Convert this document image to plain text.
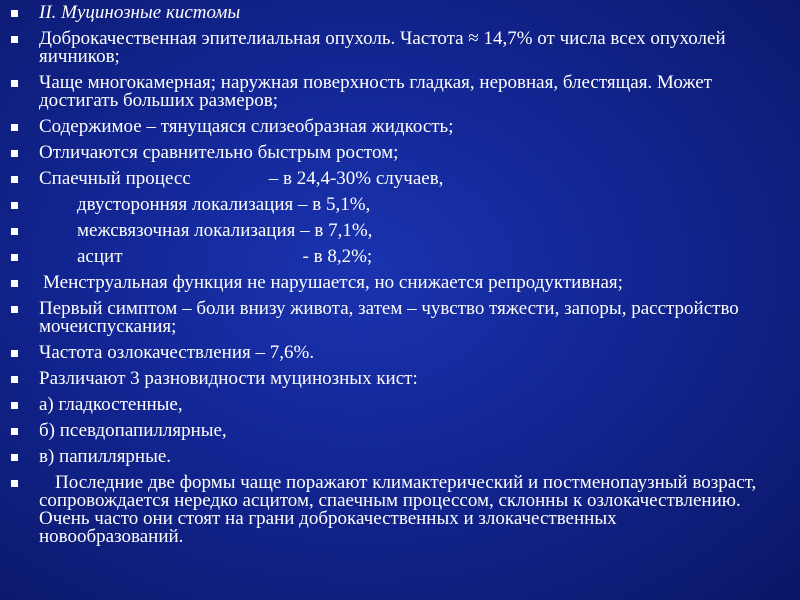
II. Муцинозные кистомы
Доброкачественная эпителиальная опухоль. Частота ≈ 14,7% от числа всех опухолей яичников;
Чаще многокамерная; наружная поверхность гладкая, неровная, блестящая. Может достигать больших размеров;
Содержимое – тянущаяся слизеобразная жидкость;
Отличаются сравнительно быстрым ростом;
Спаечный процесс	– в 24,4-30% случаев,
двусторонняя локализация – в 5,1%,
межсвязочная локализация – в 7,1%,
асцит	- в 8,2%;
Менструальная функция не нарушается, но снижается репродуктивная;
Первый симптом – боли внизу живота, затем – чувство тяжести, запоры, расстройство мочеиспускания;
Частота озлокачествления – 7,6%.
Различают 3 разновидности муцинозных кист:
а) гладкостенные,
б) псевдопапиллярные,
в) папиллярные.
Последние две формы чаще поражают климактерический и постменопаузный возраст, сопровождается нередко асцитом, спаечным процессом, склонны к озлокачествлению. Очень часто они стоят на грани доброкачественных и злокачественных новообразований.
